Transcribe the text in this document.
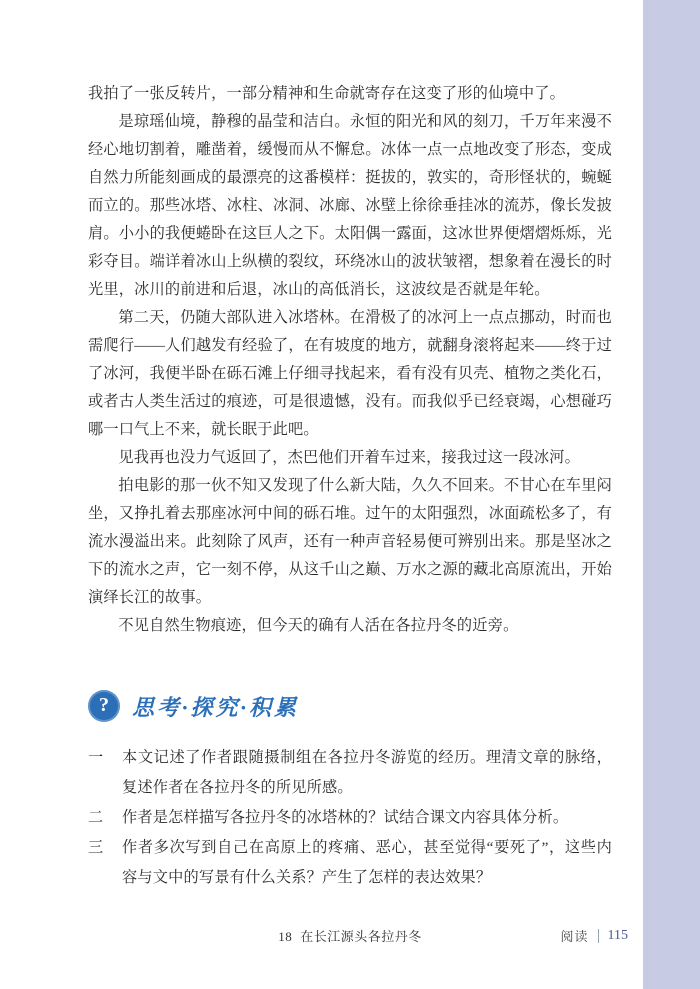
我拍了一张反转片，一部分精神和生命就寄存在这变了形的仙境中了。

是琼瑶仙境，静穆的晶莹和洁白。永恒的阳光和风的刻刀，千万年来漫不经心地切割着，雕凿着，缓慢而从不懈怠。冰体一点一点地改变了形态，变成自然力所能刻画成的最漂亮的这番模样：挺拔的，敦实的，奇形怪状的，蜿蜒而立的。那些冰塔、冰柱、冰洞、冰廊、冰壁上徐徐垂挂冰的流苏，像长发披肩。小小的我便蜷卧在这巨人之下。太阳偶一露面，这冰世界便熠熠烁烁，光彩夺目。端详着冰山上纵横的裂纹，环绕冰山的波状皱褶，想象着在漫长的时光里，冰川的前进和后退，冰山的高低消长，这波纹是否就是年轮。

第二天，仍随大部队进入冰塔林。在滑极了的冰河上一点点挪动，时而也需爬行——人们越发有经验了，在有坡度的地方，就翻身滚将起来——终于过了冰河，我便半卧在砾石滩上仔细寻找起来，看有没有贝壳、植物之类化石，或者古人类生活过的痕迹，可是很遗憾，没有。而我似乎已经衰竭，心想碰巧哪一口气上不来，就长眠于此吧。

见我再也没力气返回了，杰巴他们开着车过来，接我过这一段冰河。

拍电影的那一伙不知又发现了什么新大陆，久久不回来。不甘心在车里闷坐，又挣扎着去那座冰河中间的砾石堆。过午的太阳强烈，冰面疏松多了，有流水漫溢出来。此刻除了风声，还有一种声音轻易便可辨别出来。那是坚冰之下的流水之声，它一刻不停，从这千山之巅、万水之源的藏北高原流出，开始演绎长江的故事。

不见自然生物痕迹，但今天的确有人活在各拉丹冬的近旁。

?	思考·探究·积累
一	本文记述了作者跟随摄制组在各拉丹冬游览的经历。理清文章的脉络，复述作者在各拉丹冬的所见所感。
二	作者是怎样描写各拉丹冬的冰塔林的？试结合课文内容具体分析。
三	作者多次写到自己在高原上的疼痛、恶心，甚至觉得“要死了”，这些内容与文中的写景有什么关系？产生了怎样的表达效果？
18 在长江源头各拉丹冬	阅读 115
